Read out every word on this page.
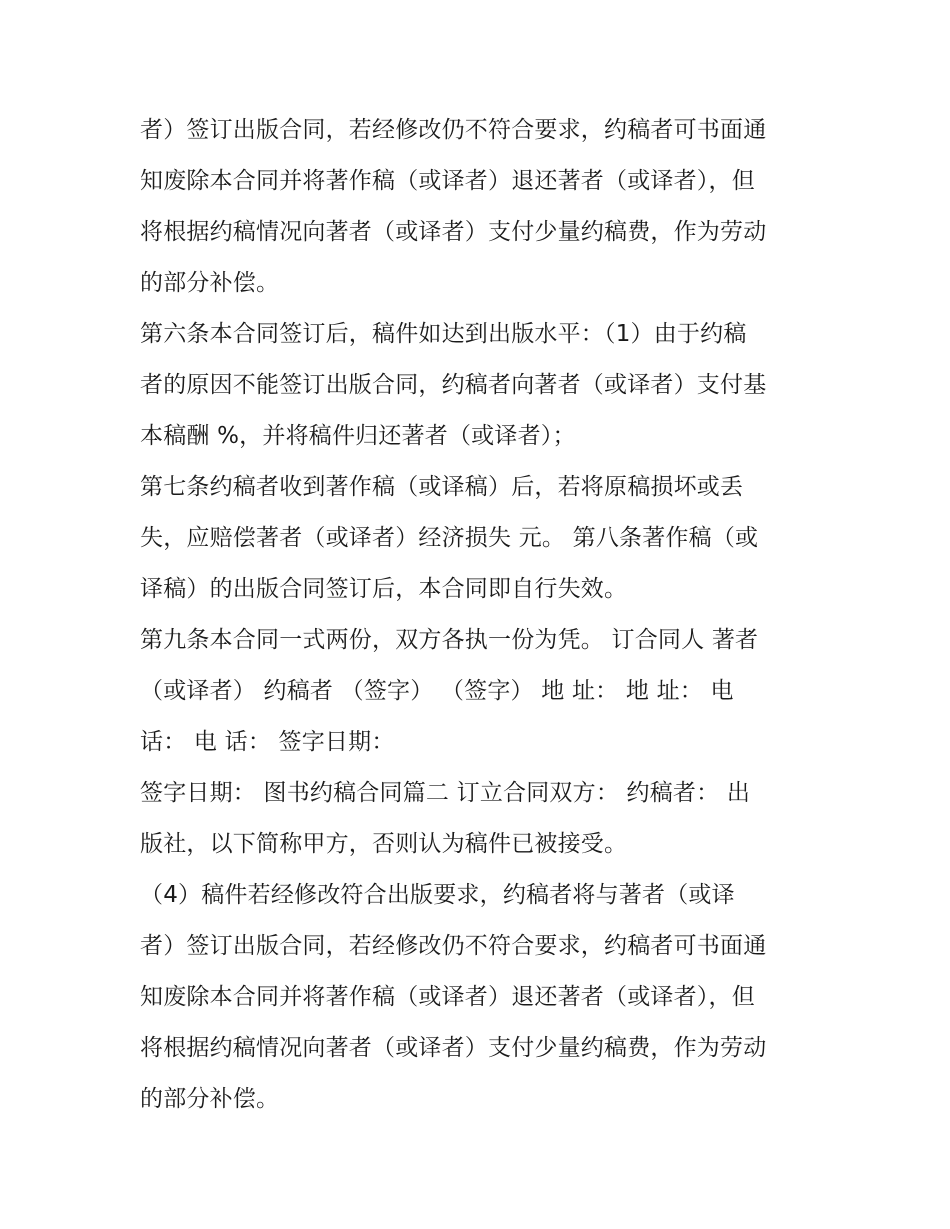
者）签订出版合同，若经修改仍不符合要求，约稿者可书面通
知废除本合同并将著作稿（或译者）退还著者（或译者），但
将根据约稿情况向著者（或译者）支付少量约稿费，作为劳动
的部分补偿。
第六条本合同签订后，稿件如达到出版水平：（1）由于约稿
者的原因不能签订出版合同，约稿者向著者（或译者）支付基
本稿酬 %，并将稿件归还著者（或译者）；
第七条约稿者收到著作稿（或译稿）后，若将原稿损坏或丢
失，应赔偿著者（或译者）经济损失 元。 第八条著作稿（或
译稿）的出版合同签订后，本合同即自行失效。
第九条本合同一式两份，双方各执一份为凭。 订合同人 著者
（或译者） 约稿者 （签字） （签字） 地 址： 地 址： 电
话： 电 话： 签字日期：
签字日期： 图书约稿合同篇二 订立合同双方： 约稿者： 出
版社，以下简称甲方，否则认为稿件已被接受。
（4）稿件若经修改符合出版要求，约稿者将与著者（或译
者）签订出版合同，若经修改仍不符合要求，约稿者可书面通
知废除本合同并将著作稿（或译者）退还著者（或译者），但
将根据约稿情况向著者（或译者）支付少量约稿费，作为劳动
的部分补偿。
